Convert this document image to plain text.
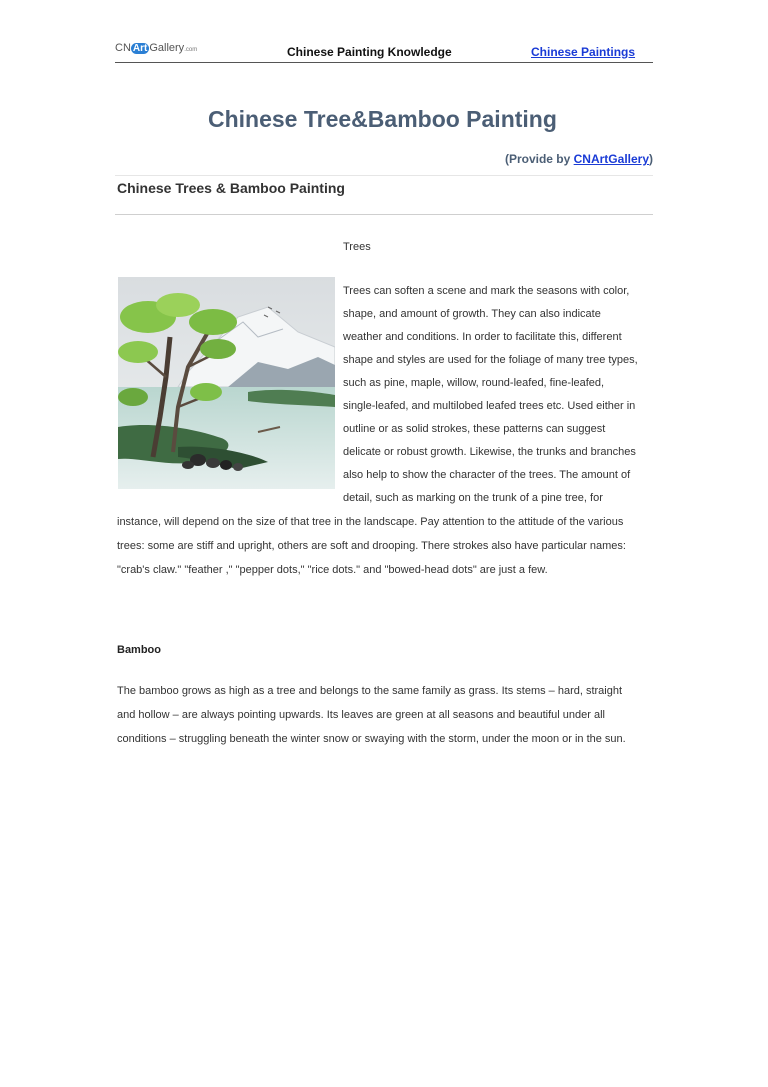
CN Art Gallery.com	Chinese Painting Knowledge	Chinese Paintings
Chinese Tree&Bamboo Painting
(Provide by CNArtGallery)
Chinese Trees & Bamboo Painting
Trees
Trees can soften a scene and mark the seasons with color,
shape, and amount of growth. They can also indicate
weather and conditions. In order to facilitate this, different
shape and styles are used for the foliage of many tree types,
such as pine, maple, willow, round-leafed, fine-leafed,
single-leafed, and multilobed leafed trees etc. Used either in
outline or as solid strokes, these patterns can suggest
delicate or robust growth. Likewise, the trunks and branches
also help to show the character of the trees. The amount of
detail, such as marking on the trunk of a pine tree, for
instance, will depend on the size of that tree in the landscape. Pay attention to the attitude of the various
trees: some are stiff and upright, others are soft and drooping. There strokes also have particular names:
"crab's claw." "feather ," "pepper dots," "rice dots." and "bowed-head dots" are just a few.
Bamboo
The bamboo grows as high as a tree and belongs to the same family as grass. Its stems – hard, straight
and hollow – are always pointing upwards. Its leaves are green at all seasons and beautiful under all
conditions – struggling beneath the winter snow or swaying with the storm, under the moon or in the sun.
